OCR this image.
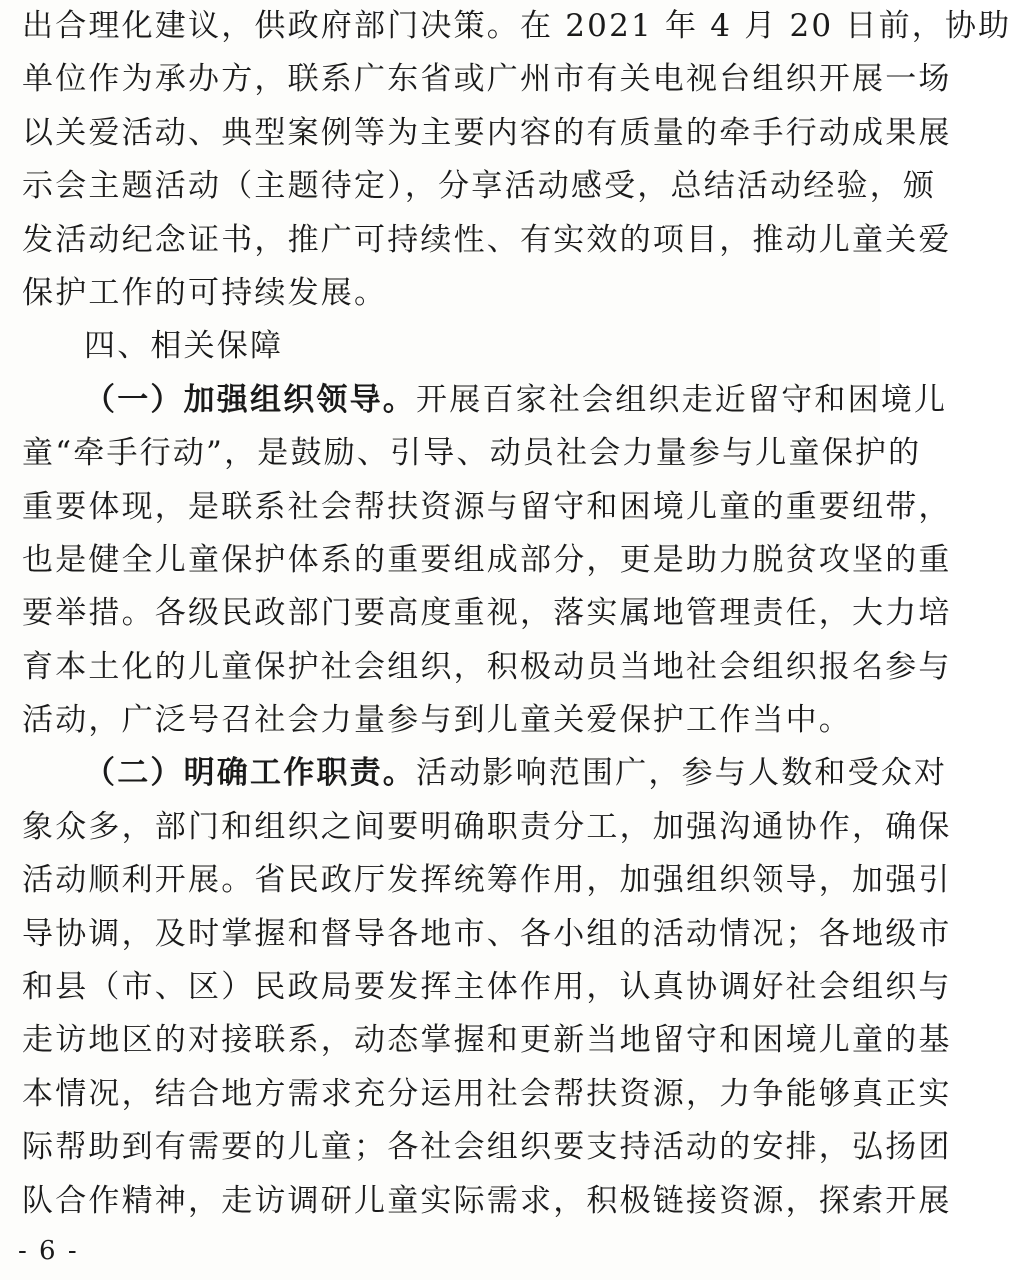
出合理化建议，供政府部门决策。在 2021 年 4 月 20 日前，协助
单位作为承办方，联系广东省或广州市有关电视台组织开展一场
以关爱活动、典型案例等为主要内容的有质量的牵手行动成果展
示会主题活动（主题待定），分享活动感受，总结活动经验，颁
发活动纪念证书，推广可持续性、有实效的项目，推动儿童关爱
保护工作的可持续发展。
四、相关保障
（一）加强组织领导。开展百家社会组织走近留守和困境儿
童“牵手行动”，是鼓励、引导、动员社会力量参与儿童保护的
重要体现，是联系社会帮扶资源与留守和困境儿童的重要纽带，
也是健全儿童保护体系的重要组成部分，更是助力脱贫攻坚的重
要举措。各级民政部门要高度重视，落实属地管理责任，大力培
育本土化的儿童保护社会组织，积极动员当地社会组织报名参与
活动，广泛号召社会力量参与到儿童关爱保护工作当中。
（二）明确工作职责。活动影响范围广，参与人数和受众对
象众多，部门和组织之间要明确职责分工，加强沟通协作，确保
活动顺利开展。省民政厅发挥统筹作用，加强组织领导，加强引
导协调，及时掌握和督导各地市、各小组的活动情况；各地级市
和县（市、区）民政局要发挥主体作用，认真协调好社会组织与
走访地区的对接联系，动态掌握和更新当地留守和困境儿童的基
本情况，结合地方需求充分运用社会帮扶资源，力争能够真正实
际帮助到有需要的儿童；各社会组织要支持活动的安排，弘扬团
队合作精神，走访调研儿童实际需求，积极链接资源，探索开展
- 6 -
